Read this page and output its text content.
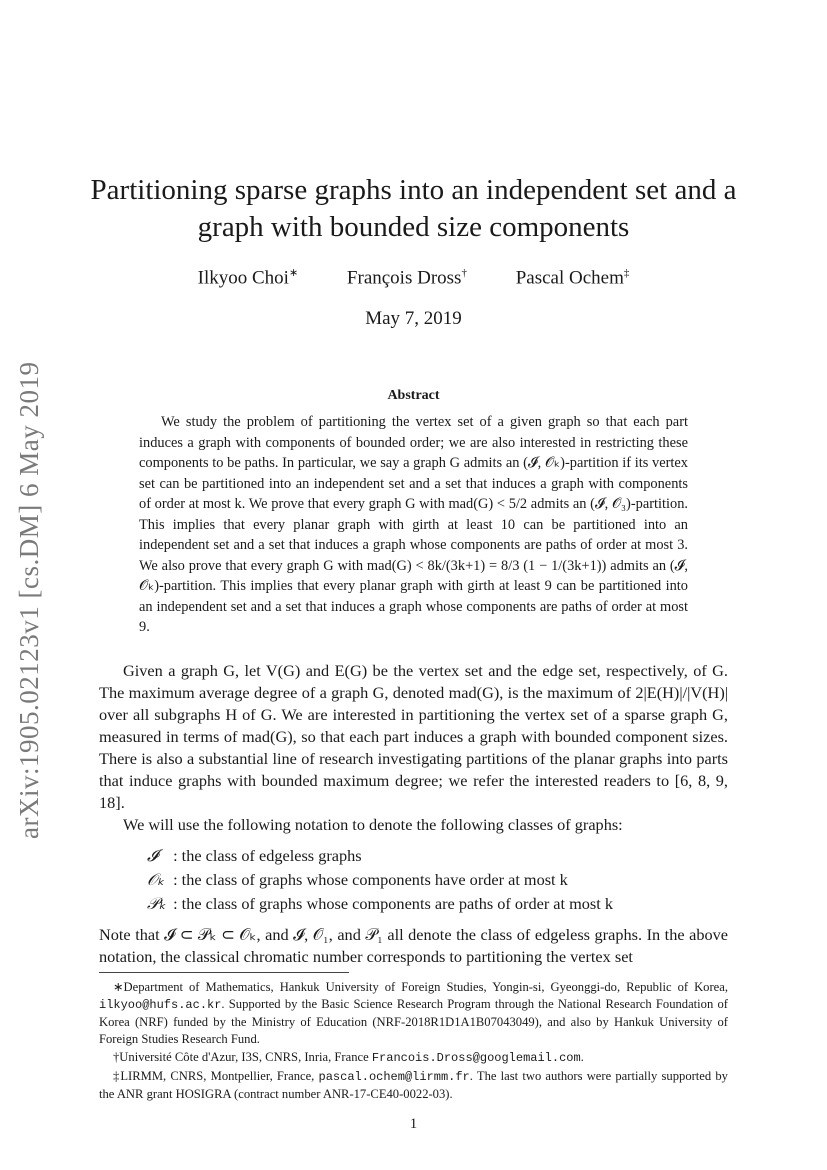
arXiv:1905.02123v1 [cs.DM] 6 May 2019
Partitioning sparse graphs into an independent set and a graph with bounded size components
Ilkyoo Choi∗	François Dross†	Pascal Ochem‡
May 7, 2019
Abstract
We study the problem of partitioning the vertex set of a given graph so that each part induces a graph with components of bounded order; we are also interested in restricting these components to be paths. In particular, we say a graph G admits an (𝓘, 𝒪ₖ)-partition if its vertex set can be partitioned into an independent set and a set that induces a graph with components of order at most k. We prove that every graph G with mad(G) < 5/2 admits an (𝓘, 𝒪₃)-partition. This implies that every planar graph with girth at least 10 can be partitioned into an independent set and a set that induces a graph whose components are paths of order at most 3. We also prove that every graph G with mad(G) < 8k/(3k+1) = 8/3 (1 − 1/(3k+1)) admits an (𝓘, 𝒪ₖ)-partition. This implies that every planar graph with girth at least 9 can be partitioned into an independent set and a set that induces a graph whose components are paths of order at most 9.

Given a graph G, let V(G) and E(G) be the vertex set and the edge set, respectively, of G. The maximum average degree of a graph G, denoted mad(G), is the maximum of 2|E(H)|/|V(H)| over all subgraphs H of G. We are interested in partitioning the vertex set of a sparse graph G, measured in terms of mad(G), so that each part induces a graph with bounded component sizes. There is also a substantial line of research investigating partitions of the planar graphs into parts that induce graphs with bounded maximum degree; we refer the interested readers to [6, 8, 9, 18].

We will use the following notation to denote the following classes of graphs:

𝓘 : the class of edgeless graphs
𝒪ₖ : the class of graphs whose components have order at most k
𝒫ₖ : the class of graphs whose components are paths of order at most k

Note that 𝓘 ⊂ 𝒫ₖ ⊂ 𝒪ₖ, and 𝓘, 𝒪₁, and 𝒫₁ all denote the class of edgeless graphs. In the above notation, the classical chromatic number corresponds to partitioning the vertex set

∗Department of Mathematics, Hankuk University of Foreign Studies, Yongin-si, Gyeonggi-do, Republic of Korea, ilkyoo@hufs.ac.kr. Supported by the Basic Science Research Program through the National Research Foundation of Korea (NRF) funded by the Ministry of Education (NRF-2018R1D1A1B07043049), and also by Hankuk University of Foreign Studies Research Fund.

†Université Côte d'Azur, I3S, CNRS, Inria, France Francois.Dross@googlemail.com.

‡LIRMM, CNRS, Montpellier, France, pascal.ochem@lirmm.fr. The last two authors were partially supported by the ANR grant HOSIGRA (contract number ANR-17-CE40-0022-03).

1
